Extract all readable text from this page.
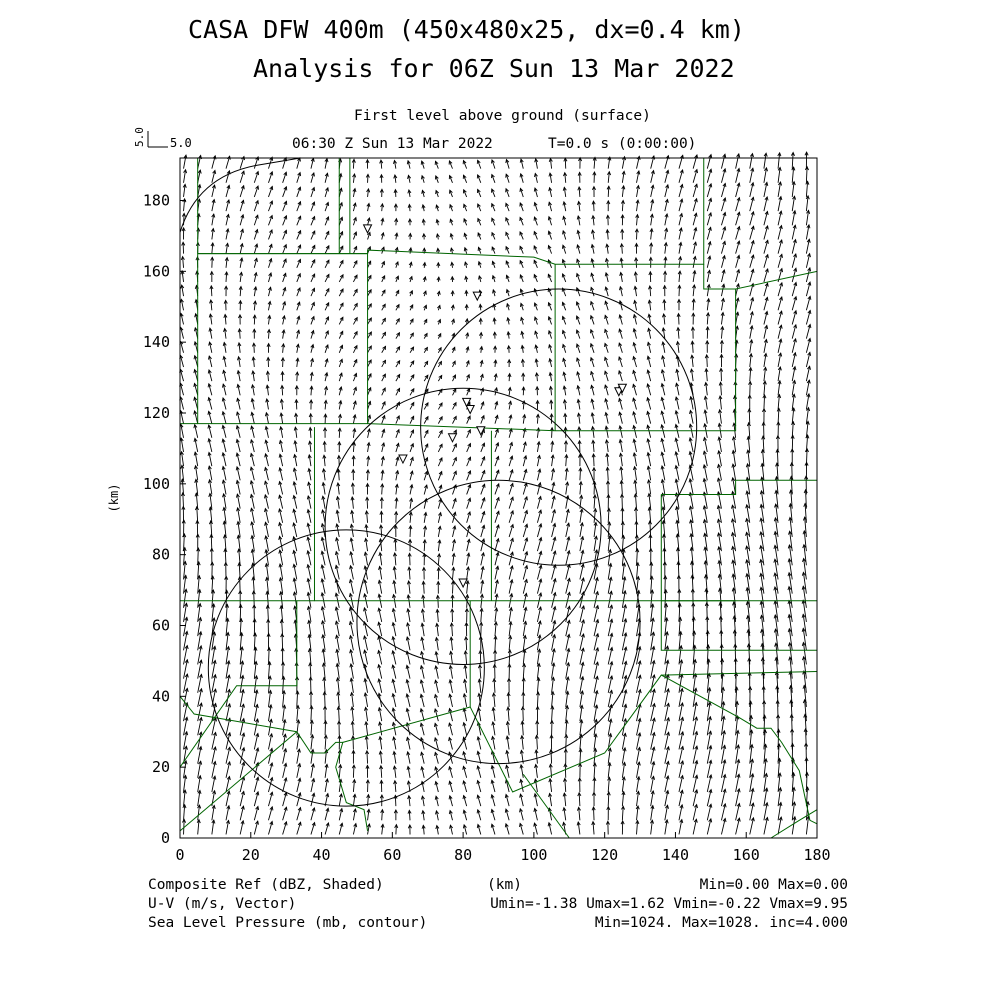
CASA DFW 400m (450x480x25, dx=0.4 km)
Analysis for 06Z Sun 13 Mar 2022
First level above ground (surface)
06:30 Z Sun 13 Mar 2022	T=0.0 s (0:00:00)
0	20	40	60	80	100	120	140	160	180
0
20
40
60
80
100
120
140
160
180
(km)
5.0 5.0
Composite Ref (dBZ, Shaded)	(km)	Min=0.00 Max=0.00
U-V (m/s, Vector)	Umin=-1.38 Umax=1.62 Vmin=-0.22 Vmax=9.95
Sea Level Pressure (mb, contour)	Min=1024. Max=1028. inc=4.000
